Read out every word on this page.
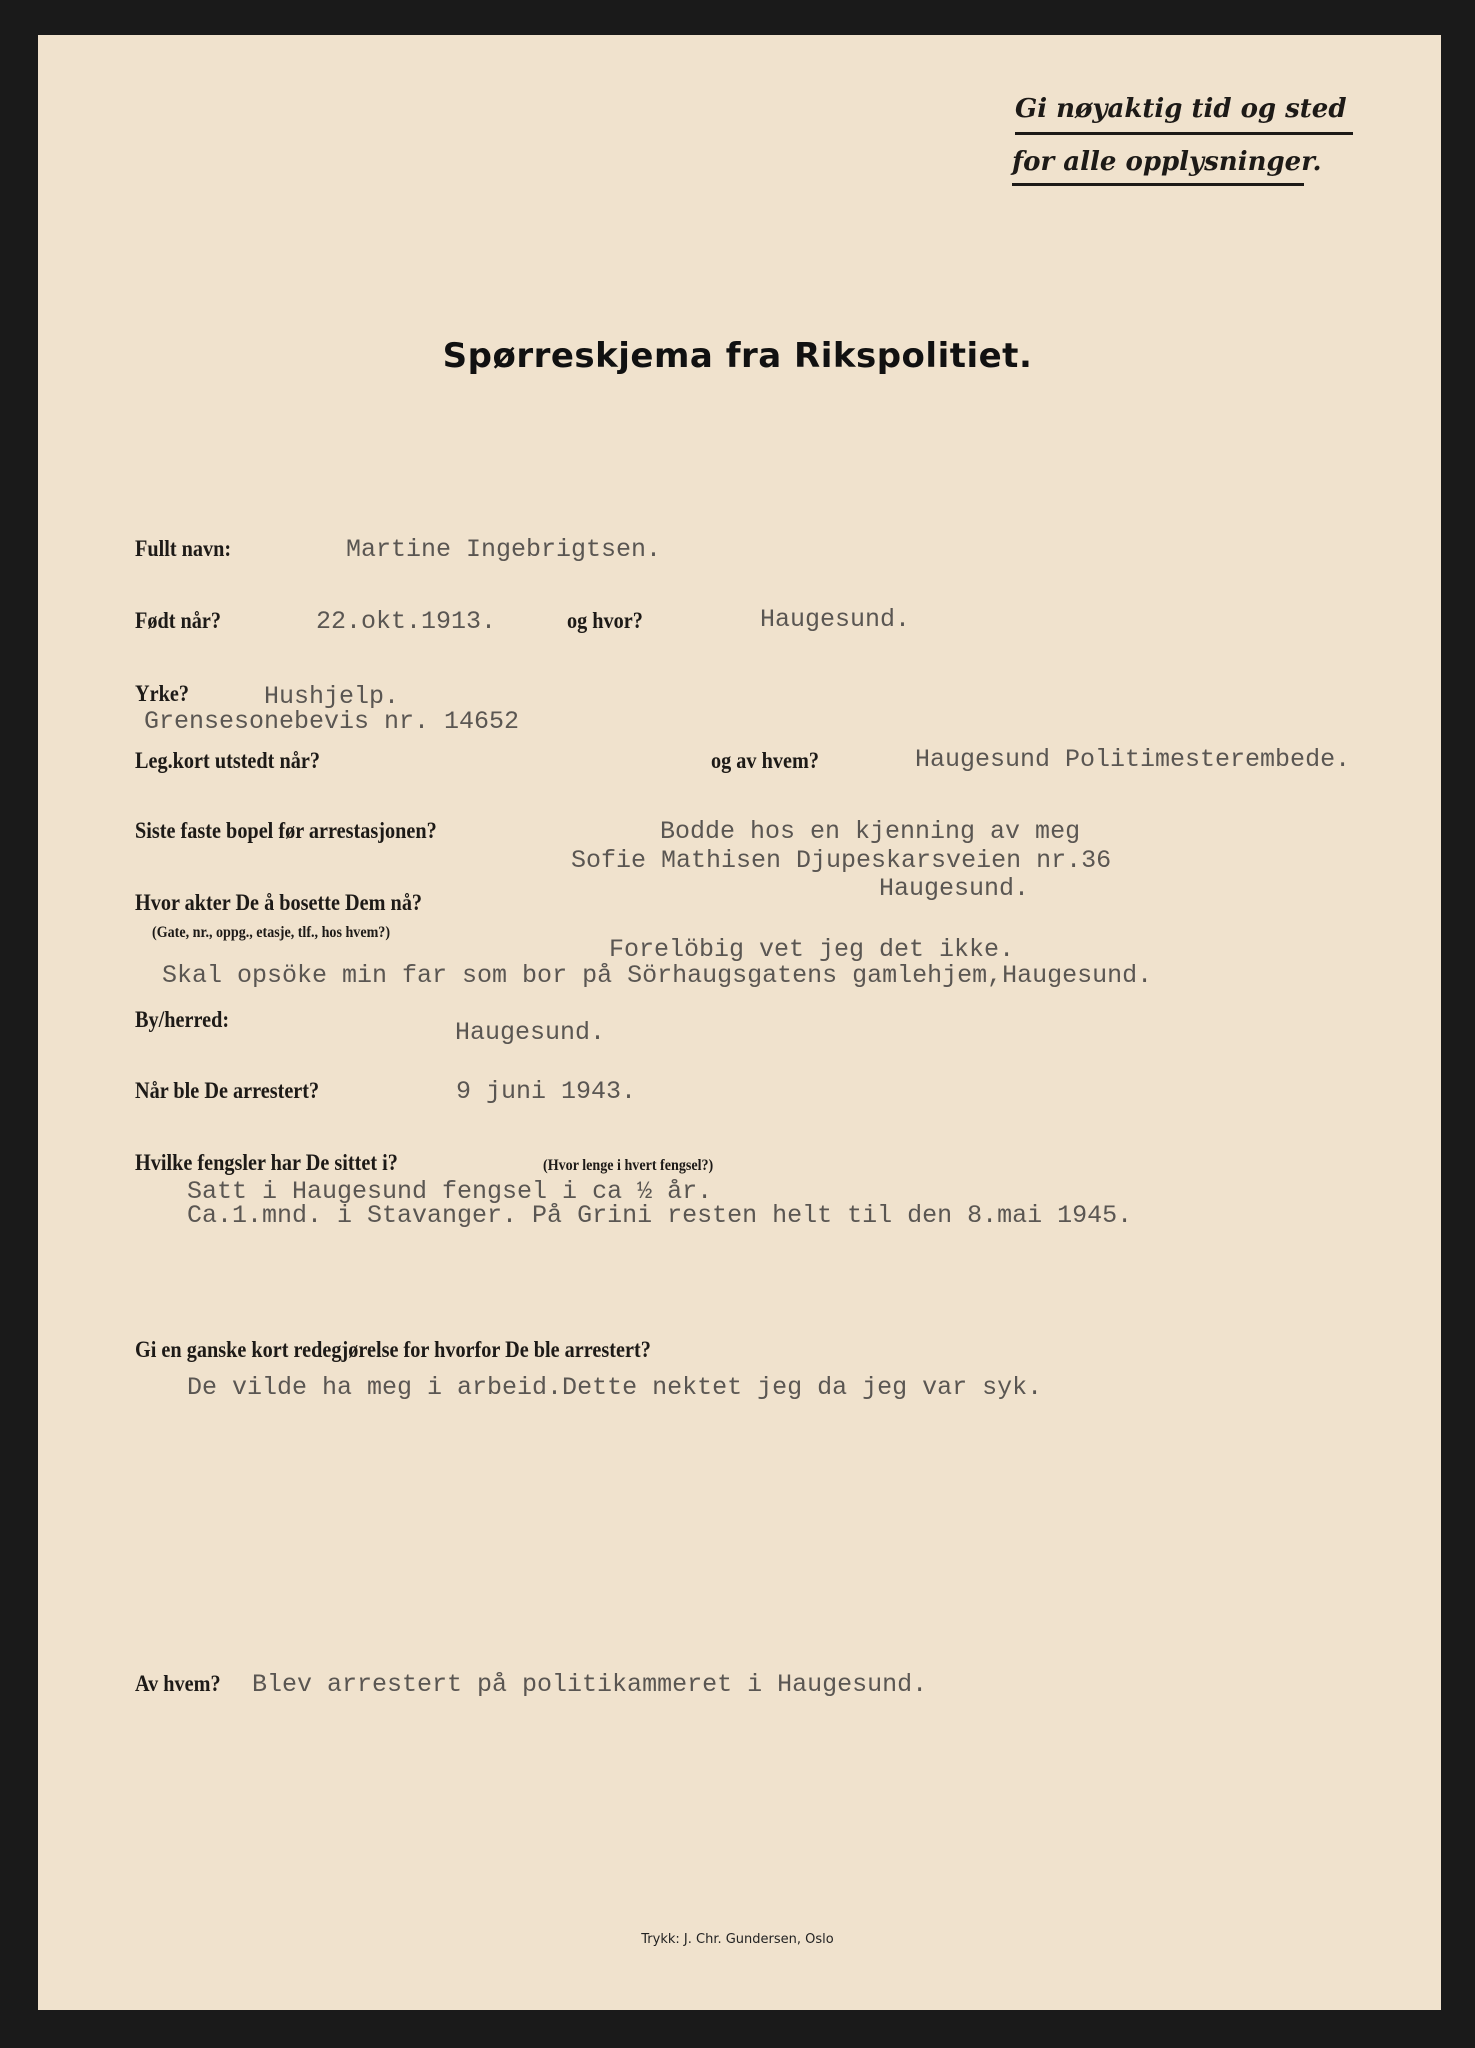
Gi nøyaktig tid og sted
for alle opplysninger.
Spørreskjema fra Rikspolitiet.
Fullt navn:	Martine Ingebrigtsen.
Født når?	22.okt.1913.	og hvor?	Haugesund.
Yrke?	Hushjelp.
Grensesonebevis nr. 14652
Leg.kort utstedt når?	og av hvem?	Haugesund Politimesterembede.
Siste faste bopel før arrestasjonen?	Bodde hos en kjenning av meg
Sofie Mathisen Djupeskarsveien nr.36
Haugesund.
Hvor akter De å bosette Dem nå?
(Gate, nr., oppg., etasje, tlf., hos hvem?)
Forelöbig vet jeg det ikke.
Skal opsöke min far som bor på Sörhaugsgatens gamlehjem,Haugesund.
By/herred:	Haugesund.
Når ble De arrestert?	9 juni 1943.
Hvilke fengsler har De sittet i?	(Hvor lenge i hvert fengsel?)
Satt i Haugesund fengsel i ca ½ år.
Ca.1.mnd. i Stavanger. På Grini resten helt til den 8.mai 1945.
Gi en ganske kort redegjørelse for hvorfor De ble arrestert?
De vilde ha meg i arbeid.Dette nektet jeg da jeg var syk.
Av hvem? Blev arrestert på politikammeret i Haugesund.
Trykk: J. Chr. Gundersen, Oslo
